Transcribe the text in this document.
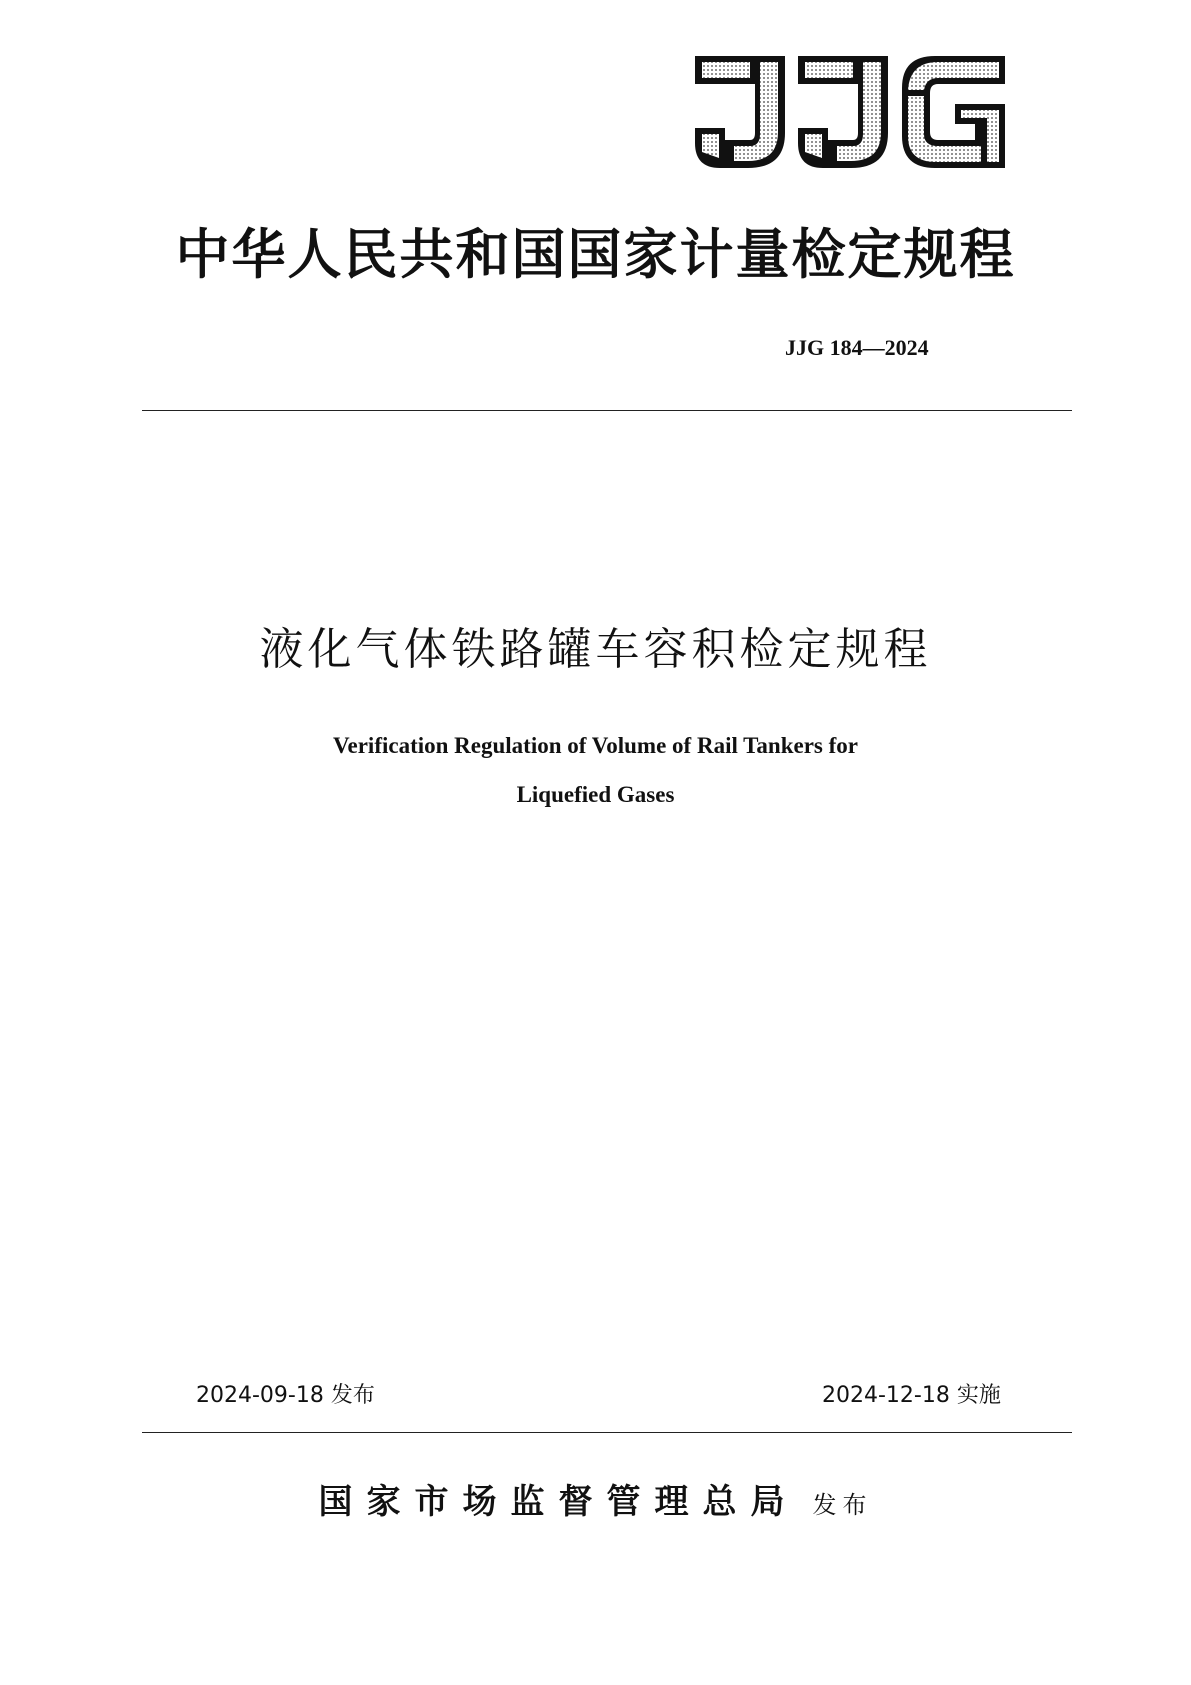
中华人民共和国国家计量检定规程
JJG 184—2024
液化气体铁路罐车容积检定规程
Verification Regulation of Volume of Rail Tankers for
Liquefied Gases
2024-09-18 发布	2024-12-18 实施
国家市场监督管理总局 发布
